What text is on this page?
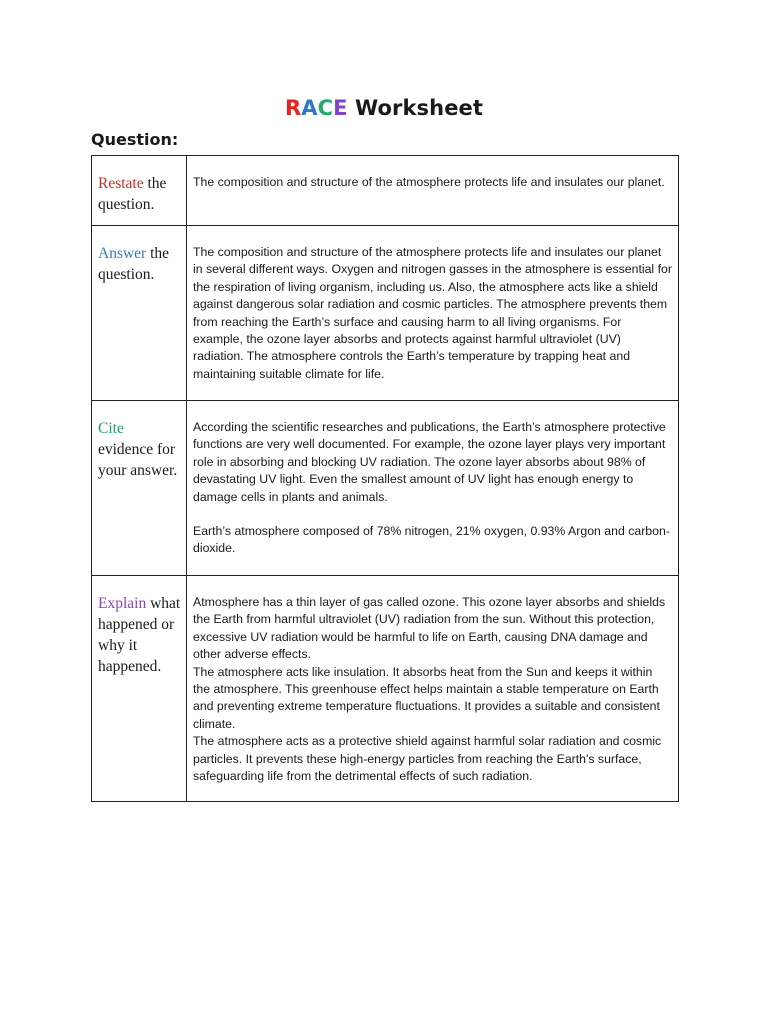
RACE Worksheet
Question:
Restate the question.	The composition and structure of the atmosphere protects life and insulates our planet.

Answer the question.	The composition and structure of the atmosphere protects life and insulates our planet in several different ways. Oxygen and nitrogen gasses in the atmosphere is essential for the respiration of living organism, including us. Also, the atmosphere acts like a shield against dangerous solar radiation and cosmic particles. The atmosphere prevents them from reaching the Earth’s surface and causing harm to all living organisms. For example, the ozone layer absorbs and protects against harmful ultraviolet (UV) radiation. The atmosphere controls the Earth’s temperature by trapping heat and maintaining suitable climate for life.

Cite evidence for your answer.	According the scientific researches and publications, the Earth’s atmosphere protective functions are very well documented. For example, the ozone layer plays very important role in absorbing and blocking UV radiation. The ozone layer absorbs about 98% of devastating UV light. Even the smallest amount of UV light has enough energy to damage cells in plants and animals.

Earth’s atmosphere composed of 78% nitrogen, 21% oxygen, 0.93% Argon and carbon-dioxide.

Explain what happened or why it happened.	Atmosphere has a thin layer of gas called ozone. This ozone layer absorbs and shields the Earth from harmful ultraviolet (UV) radiation from the sun. Without this protection, excessive UV radiation would be harmful to life on Earth, causing DNA damage and other adverse effects.

The atmosphere acts like insulation. It absorbs heat from the Sun and keeps it within the atmosphere. This greenhouse effect helps maintain a stable temperature on Earth and preventing extreme temperature fluctuations. It provides a suitable and consistent climate.

The atmosphere acts as a protective shield against harmful solar radiation and cosmic particles. It prevents these high-energy particles from reaching the Earth's surface, safeguarding life from the detrimental effects of such radiation.
